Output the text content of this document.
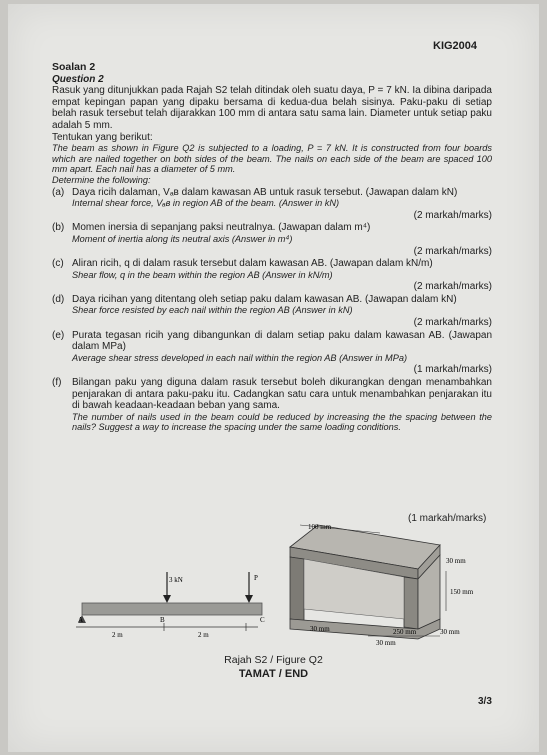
KIG2004
Soalan 2
Question 2
Rasuk yang ditunjukkan pada Rajah S2 telah ditindak oleh suatu daya, P = 7 kN. Ia dibina daripada empat kepingan papan yang dipaku bersama di kedua-dua belah sisinya. Paku-paku di setiap belah rasuk tersebut telah dijarakkan 100 mm di antara satu sama lain. Diameter untuk setiap paku adalah 5 mm.
Tentukan yang berikut:
The beam as shown in Figure Q2 is subjected to a loading, P = 7 kN. It is constructed from four boards which are nailed together on both sides of the beam. The nails on each side of the beam are spaced 100 mm apart. Each nail has a diameter of 5 mm.
Determine the following:
(a) Daya ricih dalaman, Vₐʙ dalam kawasan AB untuk rasuk tersebut. (Jawapan dalam kN)
Internal shear force, Vₐʙ in region AB of the beam. (Answer in kN)
(2 markah/marks)
(b) Momen inersia di sepanjang paksi neutralnya. (Jawapan dalam m⁴)
Moment of inertia along its neutral axis (Answer in m⁴)
(2 markah/marks)
(c) Aliran ricih, q di dalam rasuk tersebut dalam kawasan AB. (Jawapan dalam kN/m)
Shear flow, q in the beam within the region AB (Answer in kN/m)
(2 markah/marks)
(d) Daya ricihan yang ditentang oleh setiap paku dalam kawasan AB. (Jawapan dalam kN)
Shear force resisted by each nail within the region AB (Answer in kN)
(2 markah/marks)
(e) Purata tegasan ricih yang dibangunkan di dalam setiap paku dalam kawasan AB. (Jawapan dalam MPa)
Average shear stress developed in each nail within the region AB (Answer in MPa)
(1 markah/marks)
(f) Bilangan paku yang diguna dalam rasuk tersebut boleh dikurangkan dengan menambahkan penjarakan di antara paku-paku itu. Cadangkan satu cara untuk menambahkan penjarakan itu di bawah keadaan-keadaan beban yang sama.
The number of nails used in the beam could be reduced by increasing the the spacing between the nails? Suggest a way to increase the spacing under the same loading conditions.
(1 markah/marks)
3 kN	P
A	B	C
2 m	2 m
100 mm
30 mm
150 mm
30 mm	250 mm	30 mm
30 mm
Rajah S2 / Figure Q2
TAMAT / END
3/3
